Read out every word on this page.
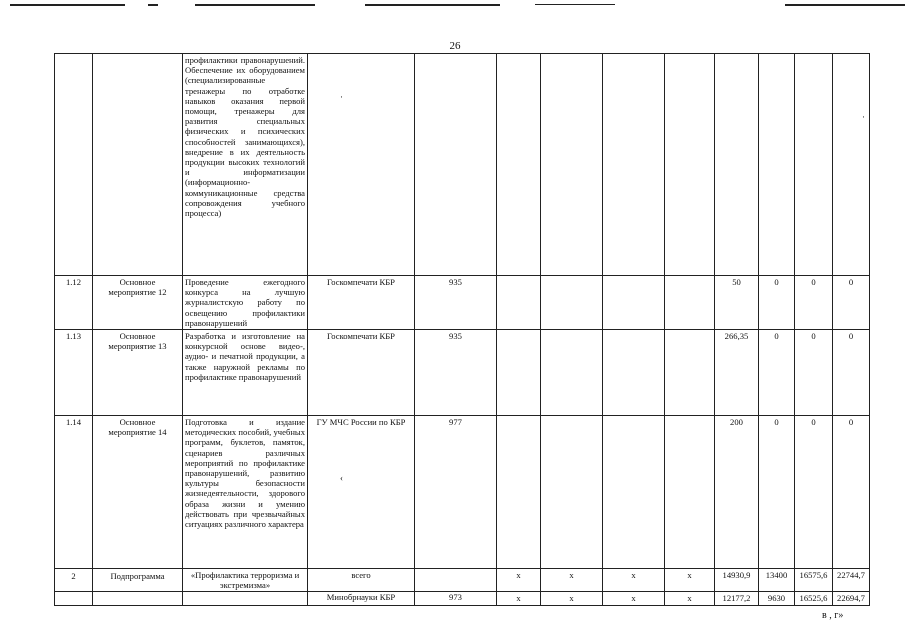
26
		профилактики правонарушений. Обеспечение их оборудованием (специализированные тренажеры по отработке навыков оказания первой помощи, тренажеры для развития специальных физических и психических способностей занимающихся), внедрение в их деятельность продукции высоких технологий и информатизации (информационно-коммуникационные средства сопровождения учебного процесса)										
1.12	Основное мероприятие 12	Проведение ежегодного конкурса на лучшую журналистскую работу по освещению профилактики правонарушений	Госкомпечати КБР	935					50	0	0	0
1.13	Основное мероприятие 13	Разработка и изготовление на конкурсной основе видео-, аудио- и печатной продукции, а также наружной рекламы по профилактике правонарушений	Госкомпечати КБР	935					266,35	0	0	0
1.14	Основное мероприятие 14	Подготовка и издание методических пособий, учебных программ, буклетов, памяток, сценариев различных мероприятий по профилактике правонарушений, развитию культуры безопасности жизнедеятельности, здорового образа жизни и умению действовать при чрезвычайных ситуациях различного характера	ГУ МЧС России по КБР	977					200	0	0	0
2	Подпрограмма	«Профилактика терроризма и экстремизма»	всего		x	x	x	x	14930,9	13400	16575,6	22744,7
			Минобрнауки КБР	973	x	x	x	x	12177,2	9630	16525,6	22694,7
·
·
‹
в , г»
